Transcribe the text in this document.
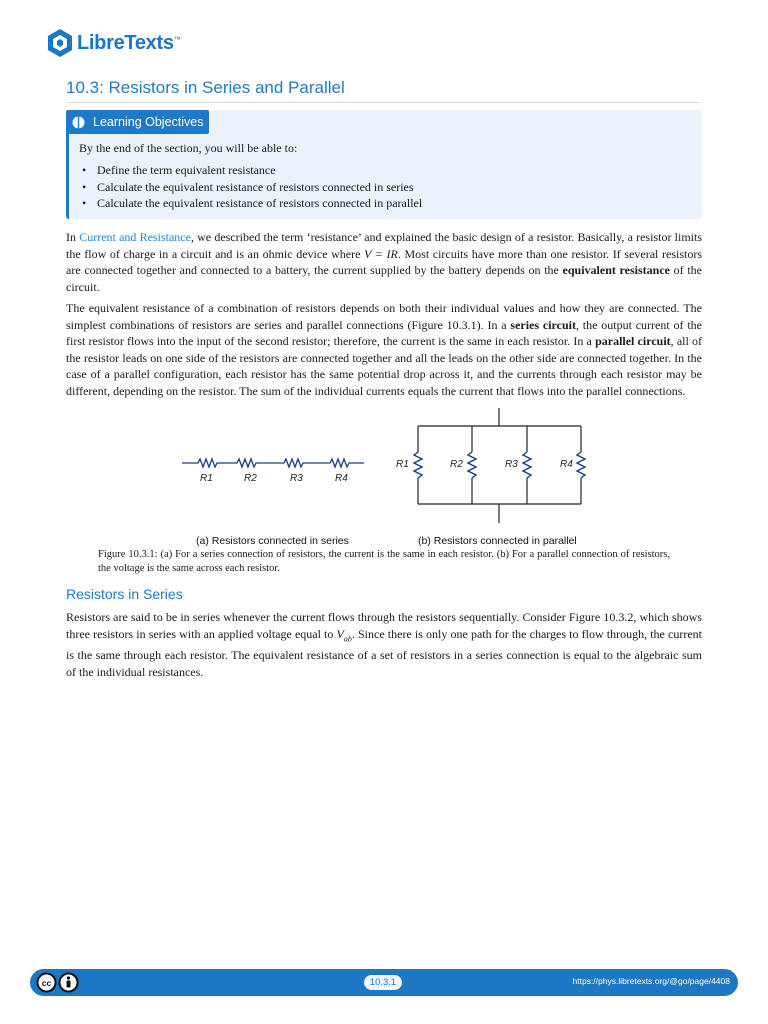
LibreTexts™
10.3: Resistors in Series and Parallel
Learning Objectives

By the end of the section, you will be able to:

• Define the term equivalent resistance
• Calculate the equivalent resistance of resistors connected in series
• Calculate the equivalent resistance of resistors connected in parallel

In Current and Resistance, we described the term ‘resistance’ and explained the basic design of a resistor. Basically, a resistor limits the flow of charge in a circuit and is an ohmic device where V = IR. Most circuits have more than one resistor. If several resistors are connected together and connected to a battery, the current supplied by the battery depends on the equivalent resistance of the circuit.

The equivalent resistance of a combination of resistors depends on both their individual values and how they are connected. The simplest combinations of resistors are series and parallel connections (Figure 10.3.1). In a series circuit, the output current of the first resistor flows into the input of the second resistor; therefore, the current is the same in each resistor. In a parallel circuit, all of the resistor leads on one side of the resistors are connected together and all the leads on the other side are connected together. In the case of a parallel configuration, each resistor has the same potential drop across it, and the currents through each resistor may be different, depending on the resistor. The sum of the individual currents equals the current that flows into the parallel connections.

R1	R2	R3	R4
R1	R2	R3	R4
(a) Resistors connected in series	(b) Resistors connected in parallel

Figure 10.3.1: (a) For a series connection of resistors, the current is the same in each resistor. (b) For a parallel connection of resistors, the voltage is the same across each resistor.

Resistors in Series

Resistors are said to be in series whenever the current flows through the resistors sequentially. Consider Figure 10.3.2, which shows three resistors in series with an applied voltage equal to $V_{ab}$. Since there is only one path for the charges to flow through, the current is the same through each resistor. The equivalent resistance of a set of resistors in a series connection is equal to the algebraic sum of the individual resistances.

cc	10.3.1	https://phys.libretexts.org/@go/page/4408
